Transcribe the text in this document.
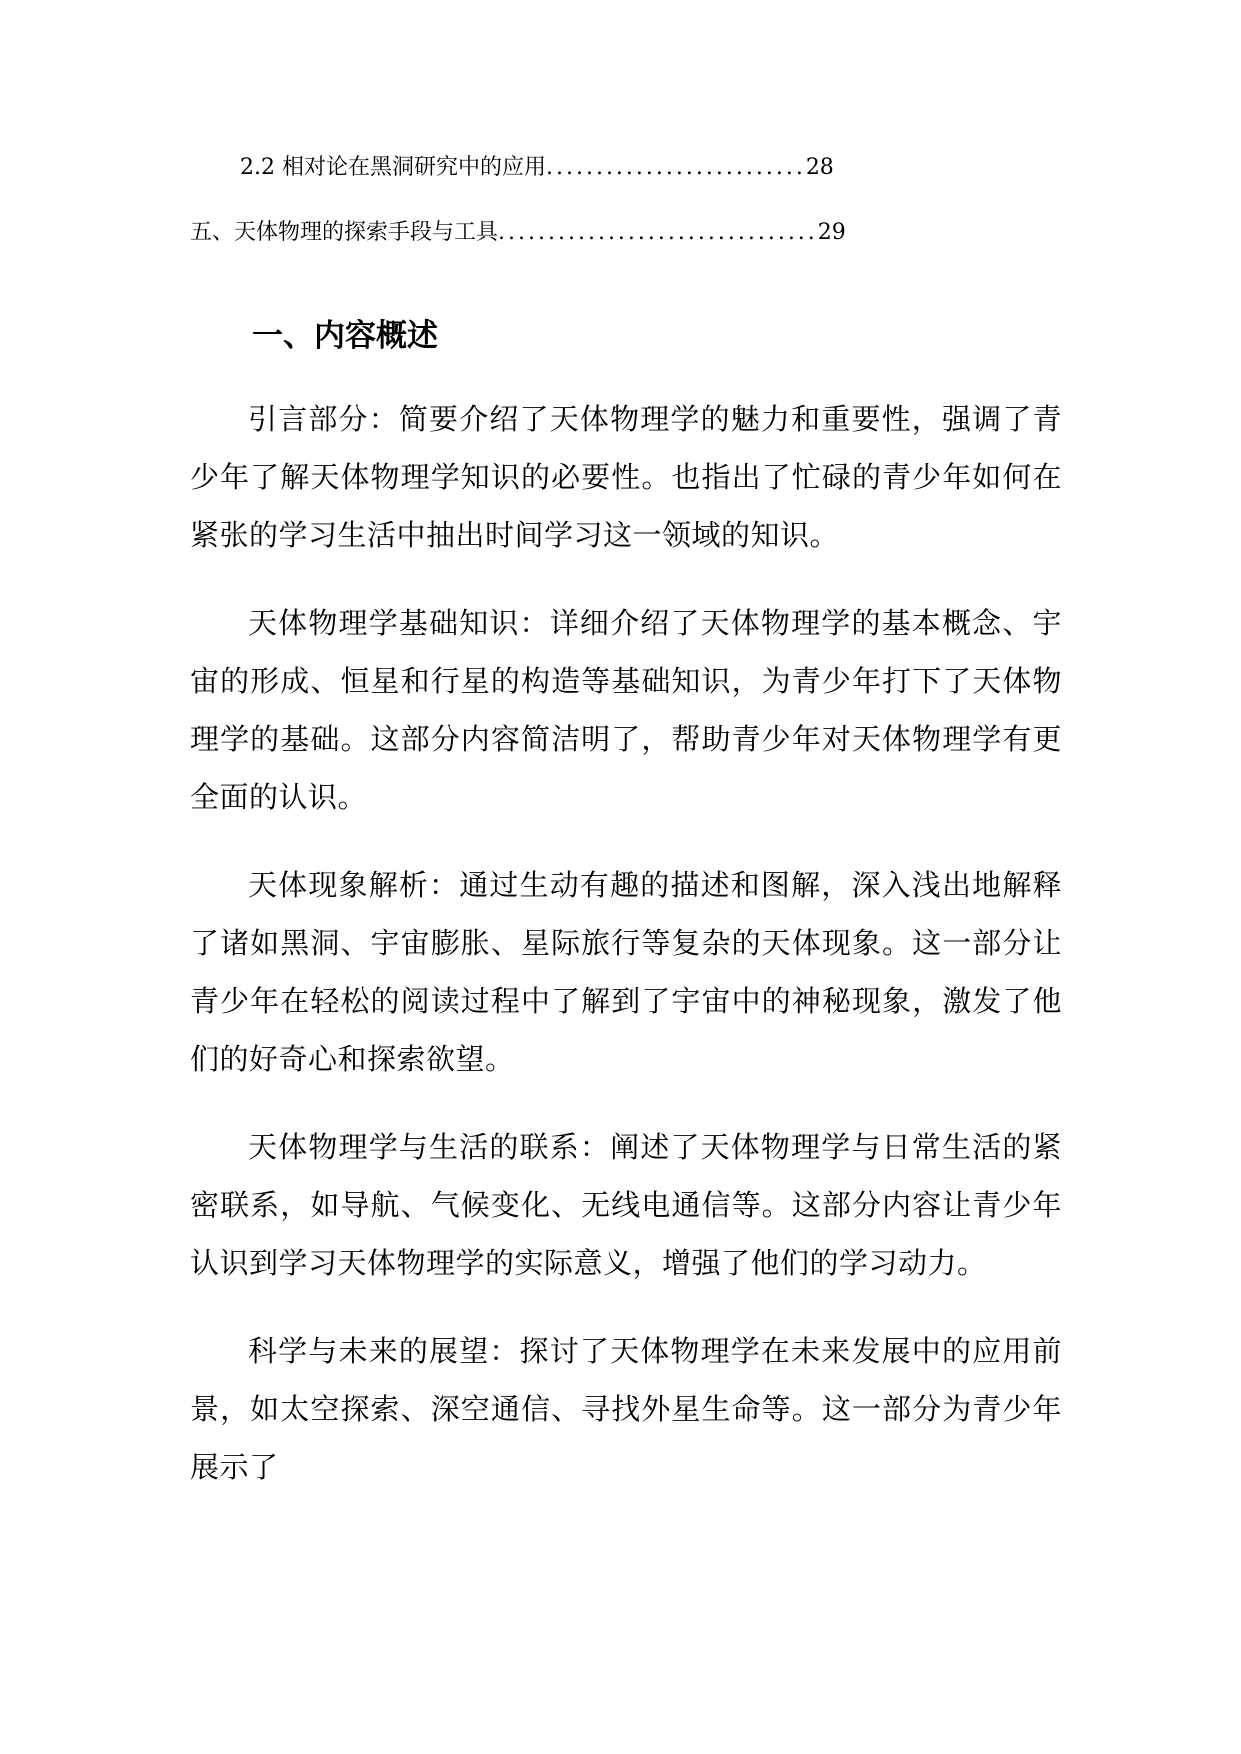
2.2 相对论在黑洞研究中的应用..........................28
五、天体物理的探索手段与工具................................29
一、内容概述

引言部分：简要介绍了天体物理学的魅力和重要性，强调了青少年了解天体物理学知识的必要性。也指出了忙碌的青少年如何在紧张的学习生活中抽出时间学习这一领域的知识。

天体物理学基础知识：详细介绍了天体物理学的基本概念、宇宙的形成、恒星和行星的构造等基础知识，为青少年打下了天体物理学的基础。这部分内容简洁明了，帮助青少年对天体物理学有更全面的认识。

天体现象解析：通过生动有趣的描述和图解，深入浅出地解释了诸如黑洞、宇宙膨胀、星际旅行等复杂的天体现象。这一部分让青少年在轻松的阅读过程中了解到了宇宙中的神秘现象，激发了他们的好奇心和探索欲望。

天体物理学与生活的联系：阐述了天体物理学与日常生活的紧密联系，如导航、气候变化、无线电通信等。这部分内容让青少年认识到学习天体物理学的实际意义，增强了他们的学习动力。

科学与未来的展望：探讨了天体物理学在未来发展中的应用前景，如太空探索、深空通信、寻找外星生命等。这一部分为青少年展示了
